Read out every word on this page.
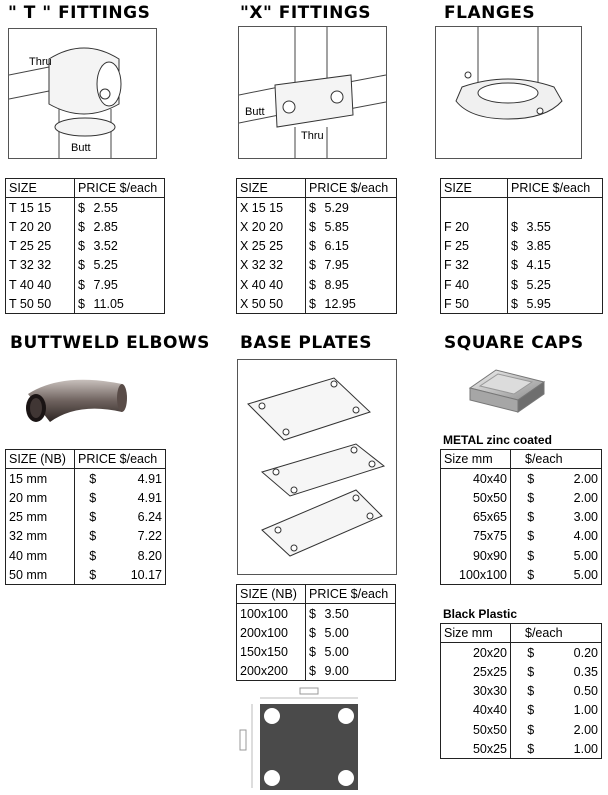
" T " FITTINGS
Thru
Butt
SIZE	PRICE $/each	
T 15 15	$	2.55
T 20 20	$	2.85
T 25 25	$	3.52
T 32 32	$	5.25
T 40 40	$	7.95
T 50 50	$	11.05
"X" FITTINGS
Butt
Thru
SIZE	PRICE $/each	
X 15 15	$	5.29
X 20 20	$	5.85
X 25 25	$	6.15
X 32 32	$	7.95
X 40 40	$	8.95
X 50 50	$	12.95
FLANGES
SIZE	PRICE $/each	

F 20	$	3.55
F 25	$	3.85
F 32	$	4.15
F 40	$	5.25
F 50	$	5.95
BUTTWELD ELBOWS
SIZE (NB)	PRICE $/each	
15 mm	$	4.91
20 mm	$	4.91
25 mm	$	6.24
32 mm	$	7.22
40 mm	$	8.20
50 mm	$	10.17
BASE PLATES
SIZE (NB)	PRICE $/each	
100x100	$	3.50
200x100	$	5.00
150x150	$	5.00
200x200	$	9.00
SQUARE CAPS
METAL zinc coated
Size mm	$/each	
40x40	$	2.00
50x50	$	2.00
65x65	$	3.00
75x75	$	4.00
90x90	$	5.00
100x100	$	5.00
Black Plastic
Size mm	$/each	
20x20	$	0.20
25x25	$	0.35
30x30	$	0.50
40x40	$	1.00
50x50	$	2.00
50x25	$	1.00
